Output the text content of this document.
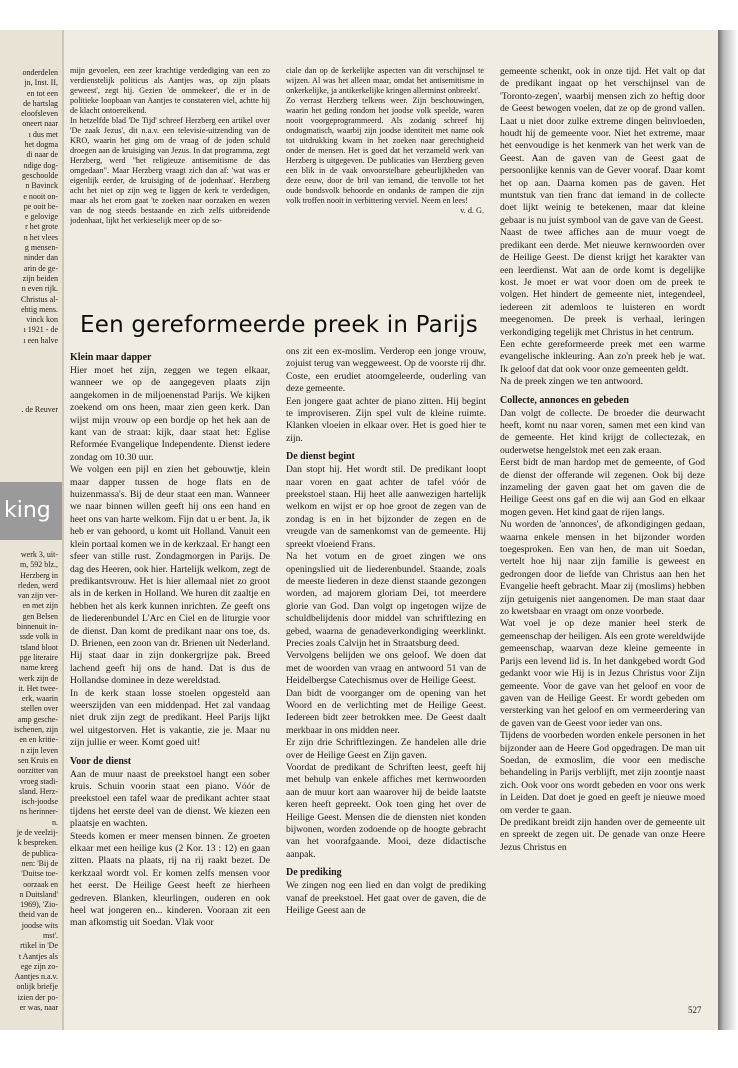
onderdelen

jn, Inst. II,

en tot een

de hartslag

eloofsleven

oneert naar

ı dus met

het dogma

di naar de

ndige dog-

geschoolde

n Bavinck

e nooit on-

pe ooit be-

e gelovige

r het grote

n het vlees

g mensen-

ninder dan

arin de ge-

zijn beiden

n even rijk.

Christus al-

ehtig mens.

vinck kon

ı 1921 - de

ı een halve

. de Reuver
king

werk 3, uit-

m, 592 blz.,

Herzberg in

rleden, werd

van zijn ver-

en met zijn

gen Belsen

binnenuit in-

ssde volk in

tsland bloot

pge literaire

name kreeg

werk zijn de

it. Het twee-

erk, waarin

stellen over

amp gesche-

ischenen, zijn

en en kritie-

n zijn leven

sen Kruis en

oorzitter van

vroeg stadi-

sland. Herz-

isch-joodse

ns herinner-

n.

je de veelzij-

k bespreken.

de publica-

nen: 'Bij de

'Duitse toe-

oorzaak en

n Duitsland'

1969), 'Zio-

theid van de

joodse wits

mst'.

rtikel in 'De

t Aantjes als

ege zijn zo-

Aantjes n.a.v.

onlijk briefje

izien der po-

er was, naar

mijn gevoelen, een zeer krachtige verdediging van een zo verdienstelijk politicus als Aantjes was, op zijn plaats geweest', zegt hij. Gezien 'de ommekeer', die er in de politieke loopbaan van Aantjes te constateren viel, achtte hij de klacht ontoereikend.
In hetzelfde blad 'De Tijd' schreef Herzberg een artikel over 'De zaak Jezus', dit n.a.v. een televisie-uitzending van de KRO, waarin het ging om de vraag of de joden schuld droegen aan de kruisiging van Jezus. In dat programma, zegt Herzberg, werd "het religieuze antisemitisme de das omgedaan". Maar Herzberg vraagt zich dan af: 'wat was er eigenlijk eerder, de kruisiging of de jodenhaat'. Herzberg acht het niet op zijn weg te liggen de kerk te verdedigen, maar als het erom gaat 'te zoeken naar oorzaken en wezen van de nog steeds bestaande en zich zelfs uitbreidende jodenhaat, lijkt het verkieselijk meer op de so-

ciale dan op de kerkelijke aspecten van dit verschijnsel te wijzen. Al was het alleen maar, omdat het antisemitisme in onkerkelijke, ja antikerkelijke kringen allerminst onbreekt'.
Zo verrast Herzberg telkens weer. Zijn beschouwingen, waarin het geding rondom het joodse volk speelde, waren nooit voorgeprogrammeerd. Als zodanig schreef hij ondogmatisch, waarbij zijn joodse identiteit met name ook tot uitdrukking kwam in het zoeken naar gerechtigheid onder de mensen. Het is goed dat het verzameld werk van Herzberg is uitgegeven. De publicaties van Herzberg geven een blik in de vaak onvoorstelbare gebeurlijkheden van deze eeuw, door de bril van iemand, die tenvolle tot het oude bondsvolk behoorde en ondanks de rampen die zijn volk troffen nooit in verbittering verviel. Neem en lees!

v. d. G.

Een gereformeerde preek in Parijs
Klein maar dapper

Hier moet het zijn, zeggen we tegen elkaar, wanneer we op de aangegeven plaats zijn aangekomen in de miljoenenstad Parijs. We kijken zoekend om ons heen, maar zien geen kerk. Dan wijst mijn vrouw op een bordje op het hek aan de kant van de straat: kijk, daar staat het: Eglise Reformée Evangelique Independente. Dienst iedere zondag om 10.30 uur.
We volgen een pijl en zien het gebouwtje, klein maar dapper tussen de hoge flats en de huizenmassa's. Bij de deur staat een man. Wanneer we naar binnen willen geeft hij ons een hand en heet ons van harte welkom. Fijn dat u er bent. Ja, ik heb er van gehoord, u komt uit Holland. Vanuit een klein portaal komen we in de kerkzaal. Er hangt een sfeer van stille rust. Zondagmorgen in Parijs. De dag des Heeren, ook hier. Hartelijk welkom, zegt de predikantsvrouw. Het is hier allemaal niet zo groot als in de kerken in Holland. We huren dit zaaltje en hebben het als kerk kunnen inrichten. Ze geeft ons de liederenbundel L'Arc en Ciel en de liturgie voor de dienst. Dan komt de predikant naar ons toe, ds. D. Brienen, een zoon van dr. Brienen uit Nederland. Hij staat daar in zijn donkergrijze pak. Breed lachend geeft hij ons de hand. Dat is dus de Hollandse dominee in deze wereldstad.
In de kerk staan losse stoelen opgesteld aan weerszijden van een middenpad. Het zal vandaag niet druk zijn zegt de predikant. Heel Parijs lijkt wel uitgestorven. Het is vakantie, zie je. Maar nu zijn jullie er weer. Komt goed uit!

Voor de dienst

Aan de muur naast de preekstoel hangt een sober kruis. Schuin voorin staat een piano. Vóór de preekstoel een tafel waar de predikant achter staat tijdens het eerste deel van de dienst. We kiezen een plaatsje en wachten.
Steeds komen er meer mensen binnen. Ze groeten elkaar met een heilige kus (2 Kor. 13 : 12) en gaan zitten. Plaats na plaats, rij na rij raakt bezet. De kerkzaal wordt vol. Er komen zelfs mensen voor het eerst. De Heilige Geest heeft ze hierheen gedreven. Blanken, kleurlingen, ouderen en ook heel wat jongeren en... kinderen. Vooraan zit een man afkomstig uit Soedan. Vlak voor

ons zit een ex-moslim. Verderop een jonge vrouw, zojuist terug van weggeweest. Op de voorste rij dhr. Coste, een erudiet atoomgeleerde, ouderling van deze gemeente.
Een jongere gaat achter de piano zitten. Hij begint te improviseren. Zijn spel vult de kleine ruimte. Klanken vloeien in elkaar over. Het is goed hier te zijn.

De dienst begint

Dan stopt hij. Het wordt stil. De predikant loopt naar voren en gaat achter de tafel vóór de preekstoel staan. Hij heet alle aanwezigen hartelijk welkom en wijst er op hoe groot de zegen van de zondag is en in het bijzonder de zegen en de vreugde van de samenkomst van de gemeente. Hij spreekt vloeiend Frans.
Na het votum en de groet zingen we ons openingslied uit de liederenbundel. Staande, zoals de meeste liederen in deze dienst staande gezongen worden, ad majorem gloriam Dei, tot meerdere glorie van God. Dan volgt op ingetogen wijze de schuldbelijdenis door middel van schriftlezing en gebed, waarna de genadeverkondiging weerklinkt. Precies zoals Calvijn het in Straatsburg deed.
Vervolgens belijden we ons geloof. We doen dat met de woorden van vraag en antwoord 51 van de Heidelbergse Catechismus over de Heilige Geest.
Dan bidt de voorganger om de opening van het Woord en de verlichting met de Heilige Geest. Iedereen bidt zeer betrokken mee. De Geest daalt merkbaar in ons midden neer.
Er zijn drie Schriftlezingen. Ze handelen alle drie over de Heilige Geest en Zijn gaven.
Voordat de predikant de Schriften leest, geeft hij met behulp van enkele affiches met kernwoorden aan de muur kort aan waarover hij de beide laatste keren heeft gepreekt. Ook toen ging het over de Heilige Geest. Mensen die de diensten niet konden bijwonen, worden zodoende op de hoogte gebracht van het voorafgaande. Mooi, deze didactische aanpak.

De prediking

We zingen nog een lied en dan volgt de prediking vanaf de preekstoel. Het gaat over de gaven, die de Heilige Geest aan de

gemeente schenkt, ook in onze tijd. Het valt op dat de predikant ingaat op het verschijnsel van de 'Toronto-zegen', waarbij mensen zich zo heftig door de Geest bewogen voelen, dat ze op de grond vallen. Laat u niet door zulke extreme dingen beïnvloeden, houdt hij de gemeente voor. Niet het extreme, maar het eenvoudige is het kenmerk van het werk van de Geest. Aan de gaven van de Geest gaat de persoonlijke kennis van de Gever vooraf. Daar komt het op aan. Daarna komen pas de gaven. Het muntstuk van tien franc dat iemand in de collecte doet lijkt weinig te betekenen, maar dat kleine gebaar is nu juist symbool van de gave van de Geest.
Naast de twee affiches aan de muur voegt de predikant een derde. Met nieuwe kernwoorden over de Heilige Geest. De dienst krijgt het karakter van een leerdienst. Wat aan de orde komt is degelijke kost. Je moet er wat voor doen om de preek te volgen. Het hindert de gemeente niet, integendeel, iedereen zit ademloos te luisteren en wordt meegenomen. De preek is verhaal, leringen verkondiging tegelijk met Christus in het centrum.
Een echte gereformeerde preek met een warme evangelische inkleuring. Aan zo'n preek heb je wat. Ik geloof dat dat ook voor onze gemeenten geldt.
Na de preek zingen we ten antwoord.

Collecte, annonces en gebeden

Dan volgt de collecte. De broeder die deurwacht heeft, komt nu naar voren, samen met een kind van de gemeente. Het kind krijgt de collectezak, en ouderwetse hengelstok met een zak eraan.
Eerst bidt de man hardop met de gemeente, of God de dienst der offerande wil zegenen. Ook bij deze inzameling der gaven gaat het om gaven die de Heilige Geest ons gaf en die wij aan God en elkaar mogen geven. Het kind gaat de rijen langs.
Nu worden de 'annonces', de afkondigingen gedaan, waarna enkele mensen in het bijzonder worden toegesproken. Een van hen, de man uit Soedan, vertelt hoe hij naar zijn familie is geweest en gedrongen door de liefde van Christus aan hen het Evangelie heeft gebracht. Maar zij (moslims) hebben zijn getuigenis niet aangenomen. De man staat daar zo kwetsbaar en vraagt om onze voorbede.
Wat voel je op deze manier heel sterk de gemeenschap der heiligen. Als een grote wereldwijde gemeenschap, waarvan deze kleine gemeente in Parijs een levend lid is. In het dankgebed wordt God gedankt voor wie Hij is in Jezus Christus voor Zijn gemeente. Voor de gave van het geloof en voor de gaven van de Heilige Geest. Er wordt gebeden om versterking van het geloof en om vermeerdering van de gaven van de Geest voor ieder van ons.
Tijdens de voorbeden worden enkele personen in het bijzonder aan de Heere God opgedragen. De man uit Soedan, de exmoslim, die voor een medische behandeling in Parijs verblijft, met zijn zoontje naast zich. Ook voor ons wordt gebeden en voor ons werk in Leiden. Dat doet je goed en geeft je nieuwe moed om verder te gaan.
De predikant breidt zijn handen over de gemeente uit en spreekt de zegen uit. De genade van onze Heere Jezus Christus en

527
